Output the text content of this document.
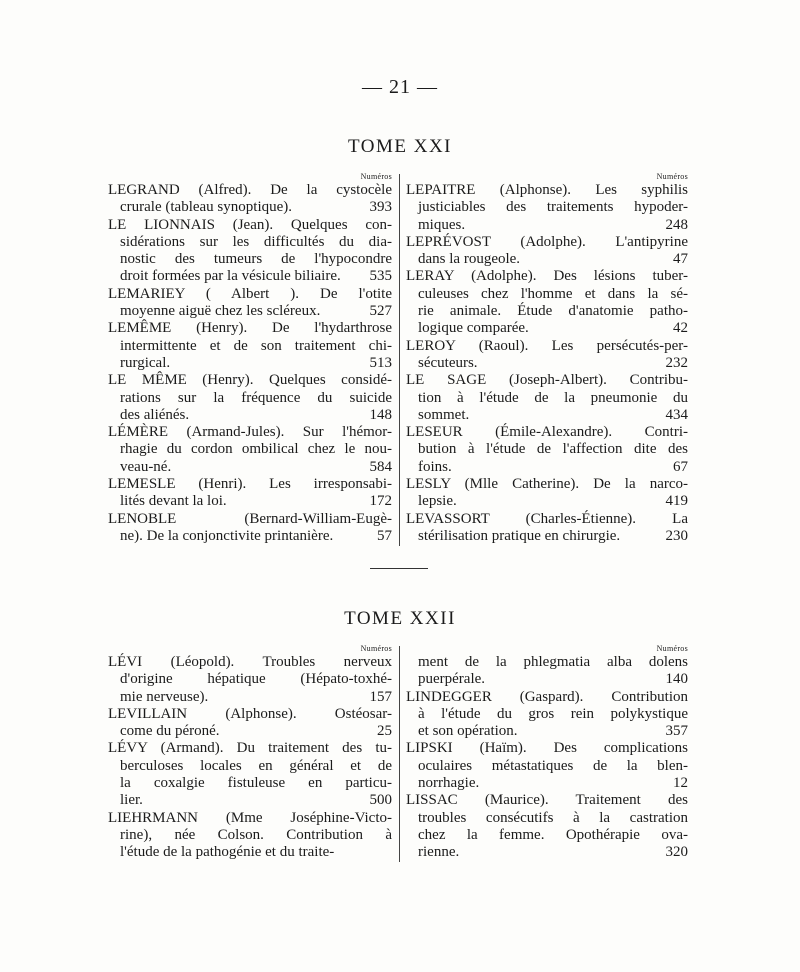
— 21 —
TOME XXI
Numéros
LEGRAND (Alfred). De la cystocèle
crurale (tableau synoptique).	393
LE LIONNAIS (Jean). Quelques con-
sidérations sur les difficultés du dia-
nostic des tumeurs de l'hypocondre
droit formées par la vésicule biliaire.	535
LEMARIEY ( Albert ). De l'otite
moyenne aiguë chez les scléreux.	527
LEMÊME (Henry). De l'hydarthrose
intermittente et de son traitement chi-
rurgical.	513
LE MÊME (Henry). Quelques considé-
rations sur la fréquence du suicide
des aliénés.	148
LÉMÈRE (Armand-Jules). Sur l'hémor-
rhagie du cordon ombilical chez le nou-
veau-né.	584
LEMESLE (Henri). Les irresponsabi-
lités devant la loi.	172
LENOBLE (Bernard-William-Eugè-
ne). De la conjonctivite printanière.	57
Numéros
LEPAITRE (Alphonse). Les syphilis
justiciables des traitements hypoder-
miques.	248
LEPRÉVOST (Adolphe). L'antipyrine
dans la rougeole.	47
LERAY (Adolphe). Des lésions tuber-
culeuses chez l'homme et dans la sé-
rie animale. Étude d'anatomie patho-
logique comparée.	42
LEROY (Raoul). Les persécutés-per-
sécuteurs.	232
LE SAGE (Joseph-Albert). Contribu-
tion à l'étude de la pneumonie du
sommet.	434
LESEUR (Émile-Alexandre). Contri-
bution à l'étude de l'affection dite des
foins.	67
LESLY (Mlle Catherine). De la narco-
lepsie.	419
LEVASSORT (Charles-Étienne). La
stérilisation pratique en chirurgie.	230
TOME XXII
Numéros
LÉVI (Léopold). Troubles nerveux
d'origine hépatique (Hépato-toxhé-
mie nerveuse).	157
LEVILLAIN (Alphonse). Ostéosar-
come du péroné.	25
LÉVY (Armand). Du traitement des tu-
berculoses locales en général et de
la coxalgie fistuleuse en particu-
lier.	500
LIEHRMANN (Mme Joséphine-Victo-
rine), née Colson. Contribution à
l'étude de la pathogénie et du traite-
Numéros
ment de la phlegmatia alba dolens
puerpérale.	140
LINDEGGER (Gaspard). Contribution
à l'étude du gros rein polykystique
et son opération.	357
LIPSKI (Haïm). Des complications
oculaires métastatiques de la blen-
norrhagie.	12
LISSAC (Maurice). Traitement des
troubles consécutifs à la castration
chez la femme. Opothérapie ova-
rienne.	320
